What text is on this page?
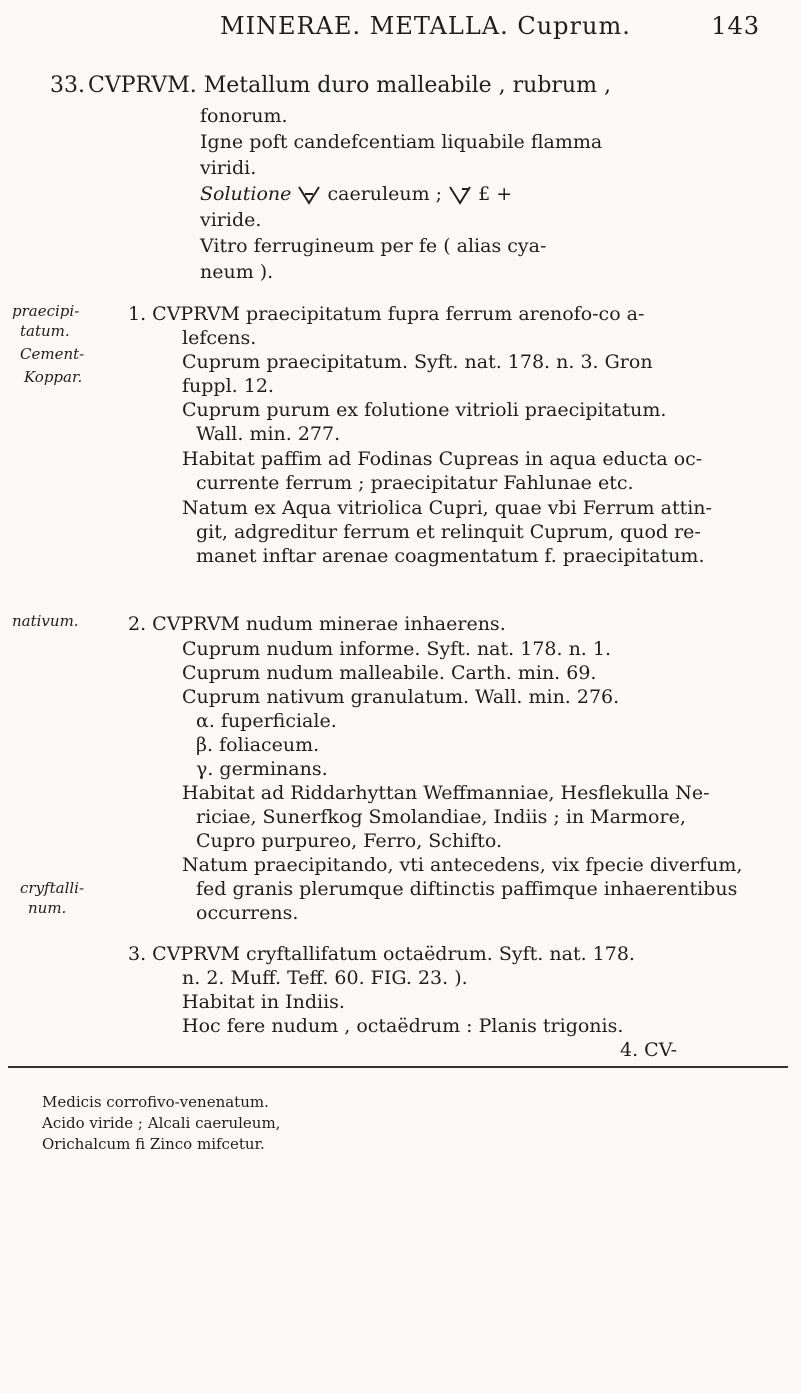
MINERAE. METALLA. Cuprum.	143
33. CVPRVM. Metallum duro malleabile , rubrum ,
fonorum.
Igne poft candefcentiam liquabile flamma
viridi.
Solutione caeruleum ; £ +
viride.
Vitro ferrugineum per fe ( alias cya-
neum ).
praecipi-
tatum.
Cement-
Koppar.
nativum.
cryftalli-
num.
1. CVPRVM praecipitatum fupra ferrum arenofo-co a-
lefcens.
Cuprum praecipitatum. Syft. nat. 178. n. 3. Gron
fuppl. 12.
Cuprum purum ex folutione vitrioli praecipitatum.
Wall. min. 277.
Habitat paffim ad Fodinas Cupreas in aqua educta oc-
currente ferrum ; praecipitatur Fahlunae etc.
Natum ex Aqua vitriolica Cupri, quae vbi Ferrum attin-
git, adgreditur ferrum et relinquit Cuprum, quod re-
manet inftar arenae coagmentatum f. praecipitatum.
2. CVPRVM nudum minerae inhaerens.
Cuprum nudum informe. Syft. nat. 178. n. 1.
Cuprum nudum malleabile. Carth. min. 69.
Cuprum nativum granulatum. Wall. min. 276.
α. fuperficiale.
β. foliaceum.
γ. germinans.
Habitat ad Riddarhyttan Weffmanniae, Hesflekulla Ne-
riciae, Sunerfkog Smolandiae, Indiis ; in Marmore,
Cupro purpureo, Ferro, Schifto.
Natum praecipitando, vti antecedens, vix fpecie diverfum,
fed granis plerumque diftinctis paffimque inhaerentibus
occurrens.
3. CVPRVM cryftallifatum octaëdrum. Syft. nat. 178.
n. 2. Muff. Teff. 60. FIG. 23. ).
Habitat in Indiis.
Hoc fere nudum , octaëdrum : Planis trigonis.
4. CV-
Medicis corrofivo-venenatum.
Acido viride ; Alcali caeruleum,
Orichalcum fi Zinco mifcetur.
